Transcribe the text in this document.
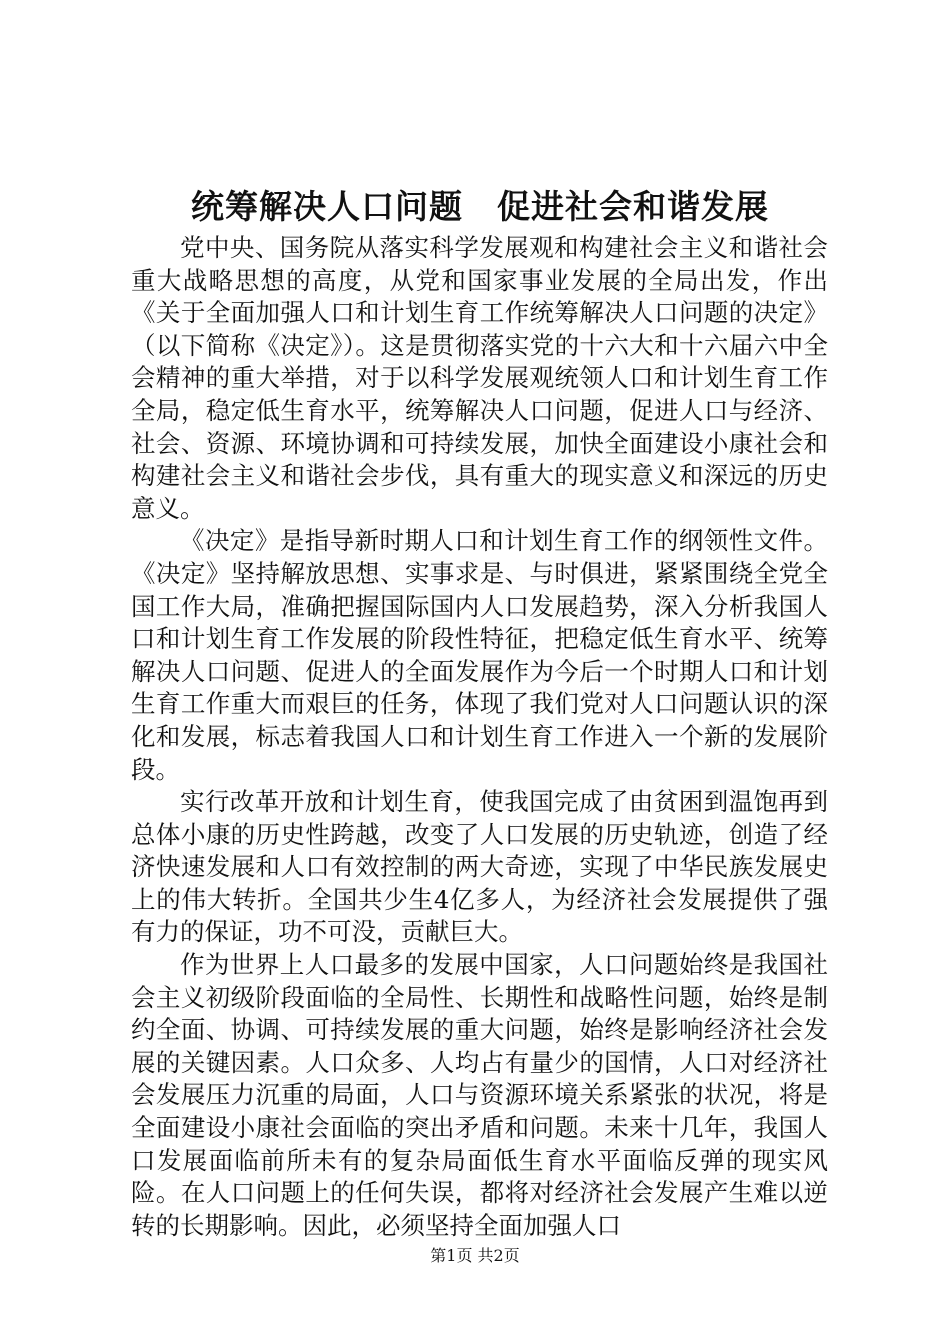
统筹解决人口问题　促进社会和谐发展

党中央、国务院从落实科学发展观和构建社会主义和谐社会重大战略思想的高度，从党和国家事业发展的全局出发，作出《关于全面加强人口和计划生育工作统筹解决人口问题的决定》（以下简称《决定》）。这是贯彻落实党的十六大和十六届六中全会精神的重大举措，对于以科学发展观统领人口和计划生育工作全局，稳定低生育水平，统筹解决人口问题，促进人口与经济、社会、资源、环境协调和可持续发展，加快全面建设小康社会和构建社会主义和谐社会步伐，具有重大的现实意义和深远的历史意义。

《决定》是指导新时期人口和计划生育工作的纲领性文件。《决定》坚持解放思想、实事求是、与时俱进，紧紧围绕全党全国工作大局，准确把握国际国内人口发展趋势，深入分析我国人口和计划生育工作发展的阶段性特征，把稳定低生育水平、统筹解决人口问题、促进人的全面发展作为今后一个时期人口和计划生育工作重大而艰巨的任务，体现了我们党对人口问题认识的深化和发展，标志着我国人口和计划生育工作进入一个新的发展阶段。

实行改革开放和计划生育，使我国完成了由贫困到温饱再到总体小康的历史性跨越，改变了人口发展的历史轨迹，创造了经济快速发展和人口有效控制的两大奇迹，实现了中华民族发展史上的伟大转折。全国共少生4亿多人，为经济社会发展提供了强有力的保证，功不可没，贡献巨大。

作为世界上人口最多的发展中国家，人口问题始终是我国社会主义初级阶段面临的全局性、长期性和战略性问题，始终是制约全面、协调、可持续发展的重大问题，始终是影响经济社会发展的关键因素。人口众多、人均占有量少的国情，人口对经济社会发展压力沉重的局面，人口与资源环境关系紧张的状况，将是全面建设小康社会面临的突出矛盾和问题。未来十几年，我国人口发展面临前所未有的复杂局面低生育水平面临反弹的现实风险。在人口问题上的任何失误，都将对经济社会发展产生难以逆转的长期影响。因此，必须坚持全面加强人口

第1页 共2页
